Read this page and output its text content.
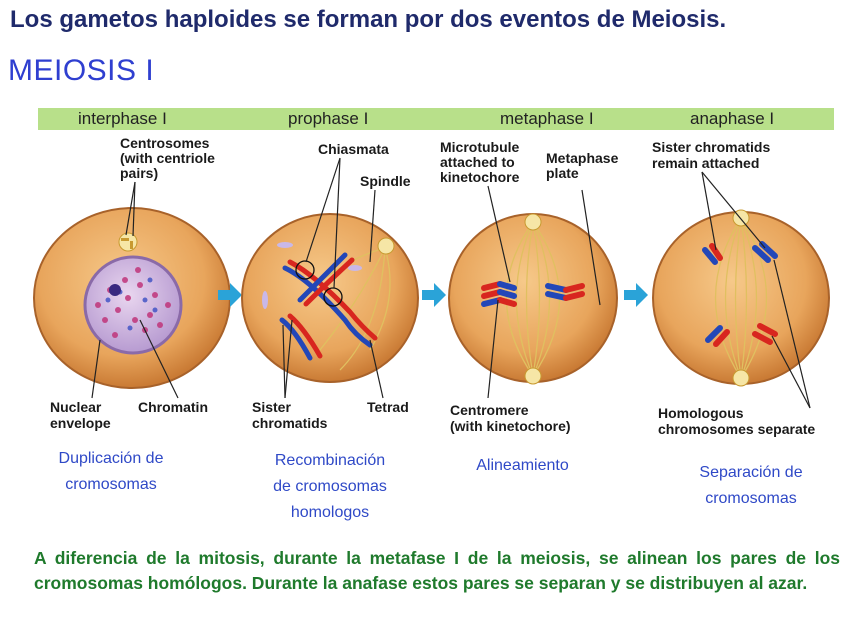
Los gametos haploides se forman por dos eventos de Meiosis.
MEIOSIS I
interphase I	prophase I	metaphase I	anaphase I
Centrosomes
(with centriole
pairs)
Nuclear
envelope
Chromatin
Chiasmata
Spindle
Sister
chromatids
Tetrad
Microtubule
attached to
kinetochore
Metaphase
plate
Centromere
(with kinetochore)
Sister chromatids
remain attached
Homologous
chromosomes separate
Duplicación de
cromosomas
Recombinación
de cromosomas
homologos
Alineamiento	Separación de
cromosomas
A diferencia de la mitosis, durante la metafase I de la meiosis, se alinean los pares de los cromosomas homólogos. Durante la anafase estos pares se separan y se distribuyen al azar.
